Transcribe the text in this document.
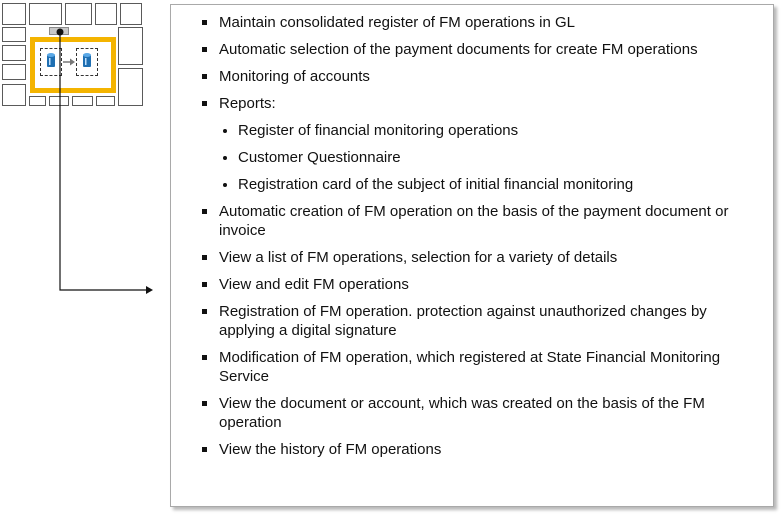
Maintain consolidated register of FM operations in GL
Automatic selection of the payment documents for create FM operations
Monitoring of accounts
Reports:
Register of financial monitoring operations
Customer Questionnaire
Registration card of the subject of initial financial monitoring
Automatic creation of FM operation on the basis of the payment document or invoice
View a list of FM operations, selection for a variety of details
View and edit FM operations
Registration of FM operation. protection against unauthorized changes by applying a digital signature
Modification of FM operation, which registered at State Financial Monitoring Service
View the document or account, which was created on the basis of the FM operation
View the history of FM operations
